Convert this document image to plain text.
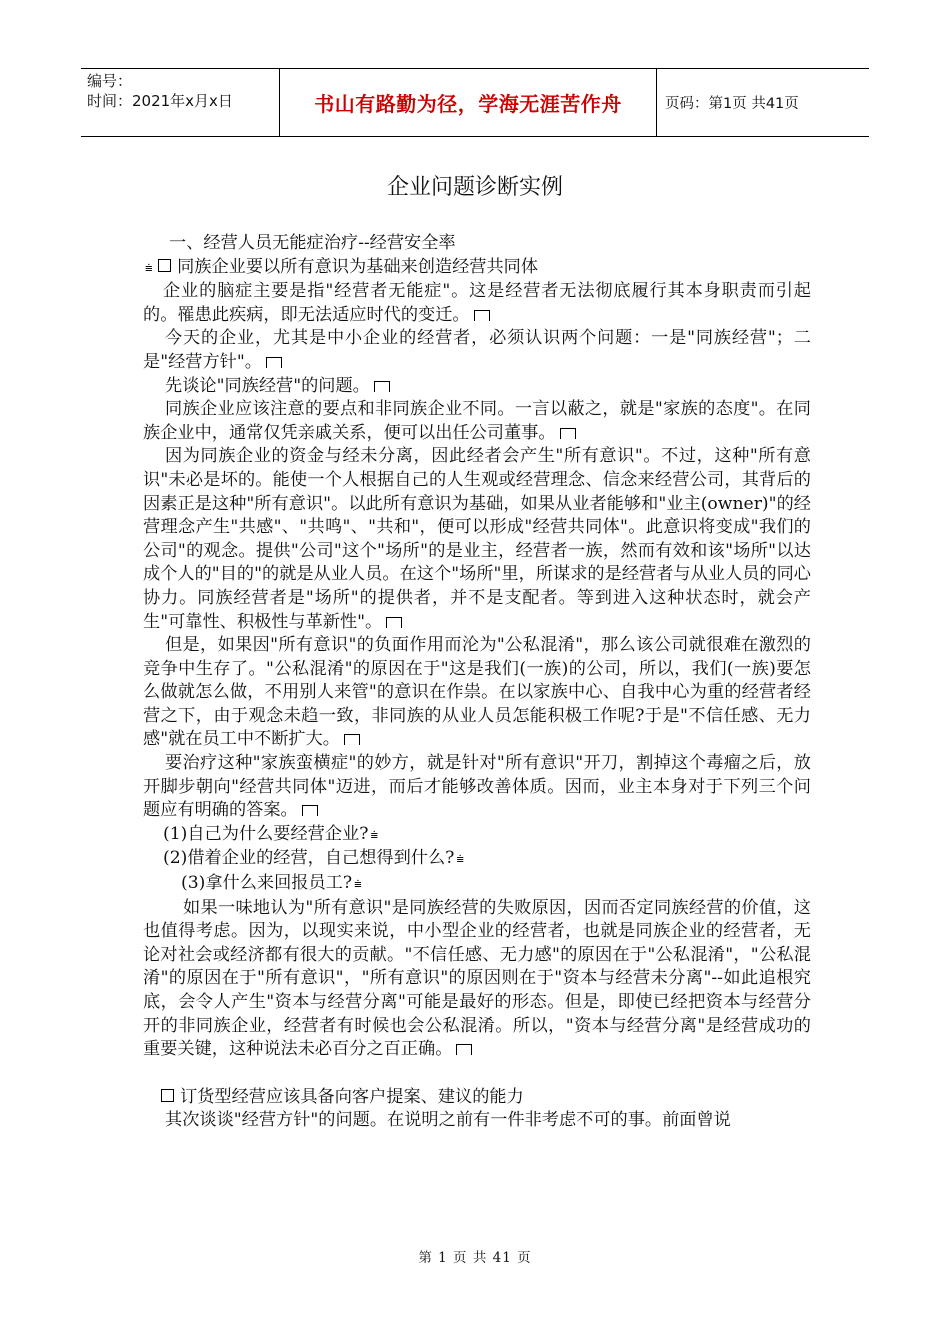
编号：
时间：2021年x月x日	书山有路勤为径，学海无涯苦作舟	页码：第1页 共41页
企业问题诊断实例

一、经营人员无能症治疗--经营安全率

⩧ 同族企业要以所有意识为基础来创造经营共同体

企业的脑症主要是指"经营者无能症"。这是经营者无法彻底履行其本身职责而引起的。罹患此疾病，即无法适应时代的变迁。

今天的企业，尤其是中小企业的经营者，必须认识两个问题：一是"同族经营"；二是"经营方针"。

先谈论"同族经营"的问题。

同族企业应该注意的要点和非同族企业不同。一言以蔽之，就是"家族的态度"。在同族企业中，通常仅凭亲戚关系，便可以出任公司董事。

因为同族企业的资金与经未分离，因此经者会产生"所有意识"。不过，这种"所有意识"未必是坏的。能使一个人根据自己的人生观或经营理念、信念来经营公司，其背后的因素正是这种"所有意识"。以此所有意识为基础，如果从业者能够和"业主(owner)"的经营理念产生"共感"、"共鸣"、"共和"，便可以形成"经营共同体"。此意识将变成"我们的公司"的观念。提供"公司"这个"场所"的是业主，经营者一族，然而有效和该"场所"以达成个人的"目的"的就是从业人员。在这个"场所"里，所谋求的是经营者与从业人员的同心协力。同族经营者是"场所"的提供者，并不是支配者。等到进入这种状态时，就会产生"可靠性、积极性与革新性"。

但是，如果因"所有意识"的负面作用而沦为"公私混淆"，那么该公司就很难在激烈的竞争中生存了。"公私混淆"的原因在于"这是我们(一族)的公司，所以，我们(一族)要怎么做就怎么做，不用别人来管"的意识在作祟。在以家族中心、自我中心为重的经营者经营之下，由于观念未趋一致，非同族的从业人员怎能积极工作呢?于是"不信任感、无力感"就在员工中不断扩大。

要治疗这种"家族蛮横症"的妙方，就是针对"所有意识"开刀，割掉这个毒瘤之后，放开脚步朝向"经营共同体"迈进，而后才能够改善体质。因而，业主本身对于下列三个问题应有明确的答案。

(1)自己为什么要经营企业? ⩧

(2)借着企业的经营，自己想得到什么? ⩧

(3)拿什么来回报员工? ⩧

如果一味地认为"所有意识"是同族经营的失败原因，因而否定同族经营的价值，这也值得考虑。因为，以现实来说，中小型企业的经营者，也就是同族企业的经营者，无论对社会或经济都有很大的贡献。"不信任感、无力感"的原因在于"公私混淆"，"公私混淆"的原因在于"所有意识"，"所有意识"的原因则在于"资本与经营未分离"--如此追根究底，会令人产生"资本与经营分离"可能是最好的形态。但是，即使已经把资本与经营分开的非同族企业，经营者有时候也会公私混淆。所以，"资本与经营分离"是经营成功的重要关键，这种说法未必百分之百正确。

订货型经营应该具备向客户提案、建议的能力

其次谈谈"经营方针"的问题。在说明之前有一件非考虑不可的事。前面曾说

第 1 页 共 41 页
